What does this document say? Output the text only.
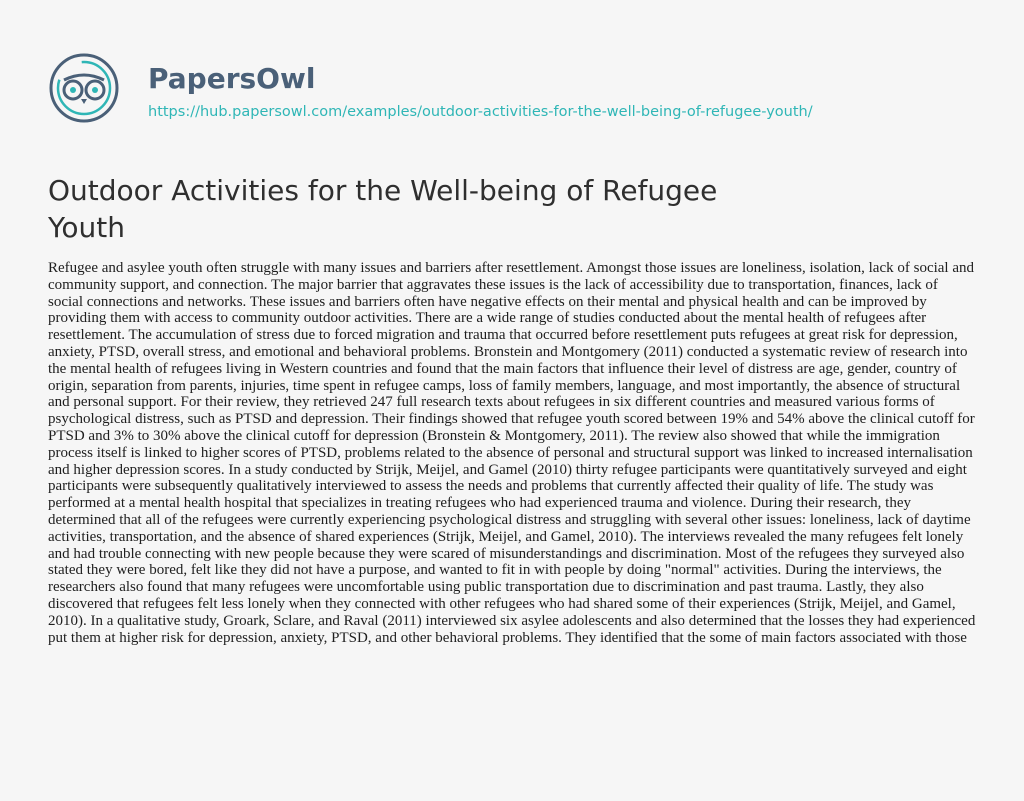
PapersOwl

https://hub.papersowl.com/examples/outdoor-activities-for-the-well-being-of-refugee-youth/
Outdoor Activities for the Well-being of Refugee Youth

Refugee and asylee youth often struggle with many issues and barriers after resettlement. Amongst those issues are loneliness, isolation, lack of social and community support, and connection. The major barrier that aggravates these issues is the lack of accessibility due to transportation, finances, lack of social connections and networks. These issues and barriers often have negative effects on their mental and physical health and can be improved by providing them with access to community outdoor activities. There are a wide range of studies conducted about the mental health of refugees after resettlement. The accumulation of stress due to forced migration and trauma that occurred before resettlement puts refugees at great risk for depression, anxiety, PTSD, overall stress, and emotional and behavioral problems. Bronstein and Montgomery (2011) conducted a systematic review of research into the mental health of refugees living in Western countries and found that the main factors that influence their level of distress are age, gender, country of origin, separation from parents, injuries, time spent in refugee camps, loss of family members, language, and most importantly, the absence of structural and personal support. For their review, they retrieved 247 full research texts about refugees in six different countries and measured various forms of psychological distress, such as PTSD and depression. Their findings showed that refugee youth scored between 19% and 54% above the clinical cutoff for PTSD and 3% to 30% above the clinical cutoff for depression (Bronstein & Montgomery, 2011). The review also showed that while the immigration process itself is linked to higher scores of PTSD, problems related to the absence of personal and structural support was linked to increased internalisation and higher depression scores. In a study conducted by Strijk, Meijel, and Gamel (2010) thirty refugee participants were quantitatively surveyed and eight participants were subsequently qualitatively interviewed to assess the needs and problems that currently affected their quality of life. The study was performed at a mental health hospital that specializes in treating refugees who had experienced trauma and violence. During their research, they determined that all of the refugees were currently experiencing psychological distress and struggling with several other issues: loneliness, lack of daytime activities, transportation, and the absence of shared experiences (Strijk, Meijel, and Gamel, 2010). The interviews revealed the many refugees felt lonely and had trouble connecting with new people because they were scared of misunderstandings and discrimination. Most of the refugees they surveyed also stated they were bored, felt like they did not have a purpose, and wanted to fit in with people by doing "normal" activities. During the interviews, the researchers also found that many refugees were uncomfortable using public transportation due to discrimination and past trauma. Lastly, they also discovered that refugees felt less lonely when they connected with other refugees who had shared some of their experiences (Strijk, Meijel, and Gamel, 2010). In a qualitative study, Groark, Sclare, and Raval (2011) interviewed six asylee adolescents and also determined that the losses they had experienced put them at higher risk for depression, anxiety, PTSD, and other behavioral problems. They identified that the some of main factors associated with those
